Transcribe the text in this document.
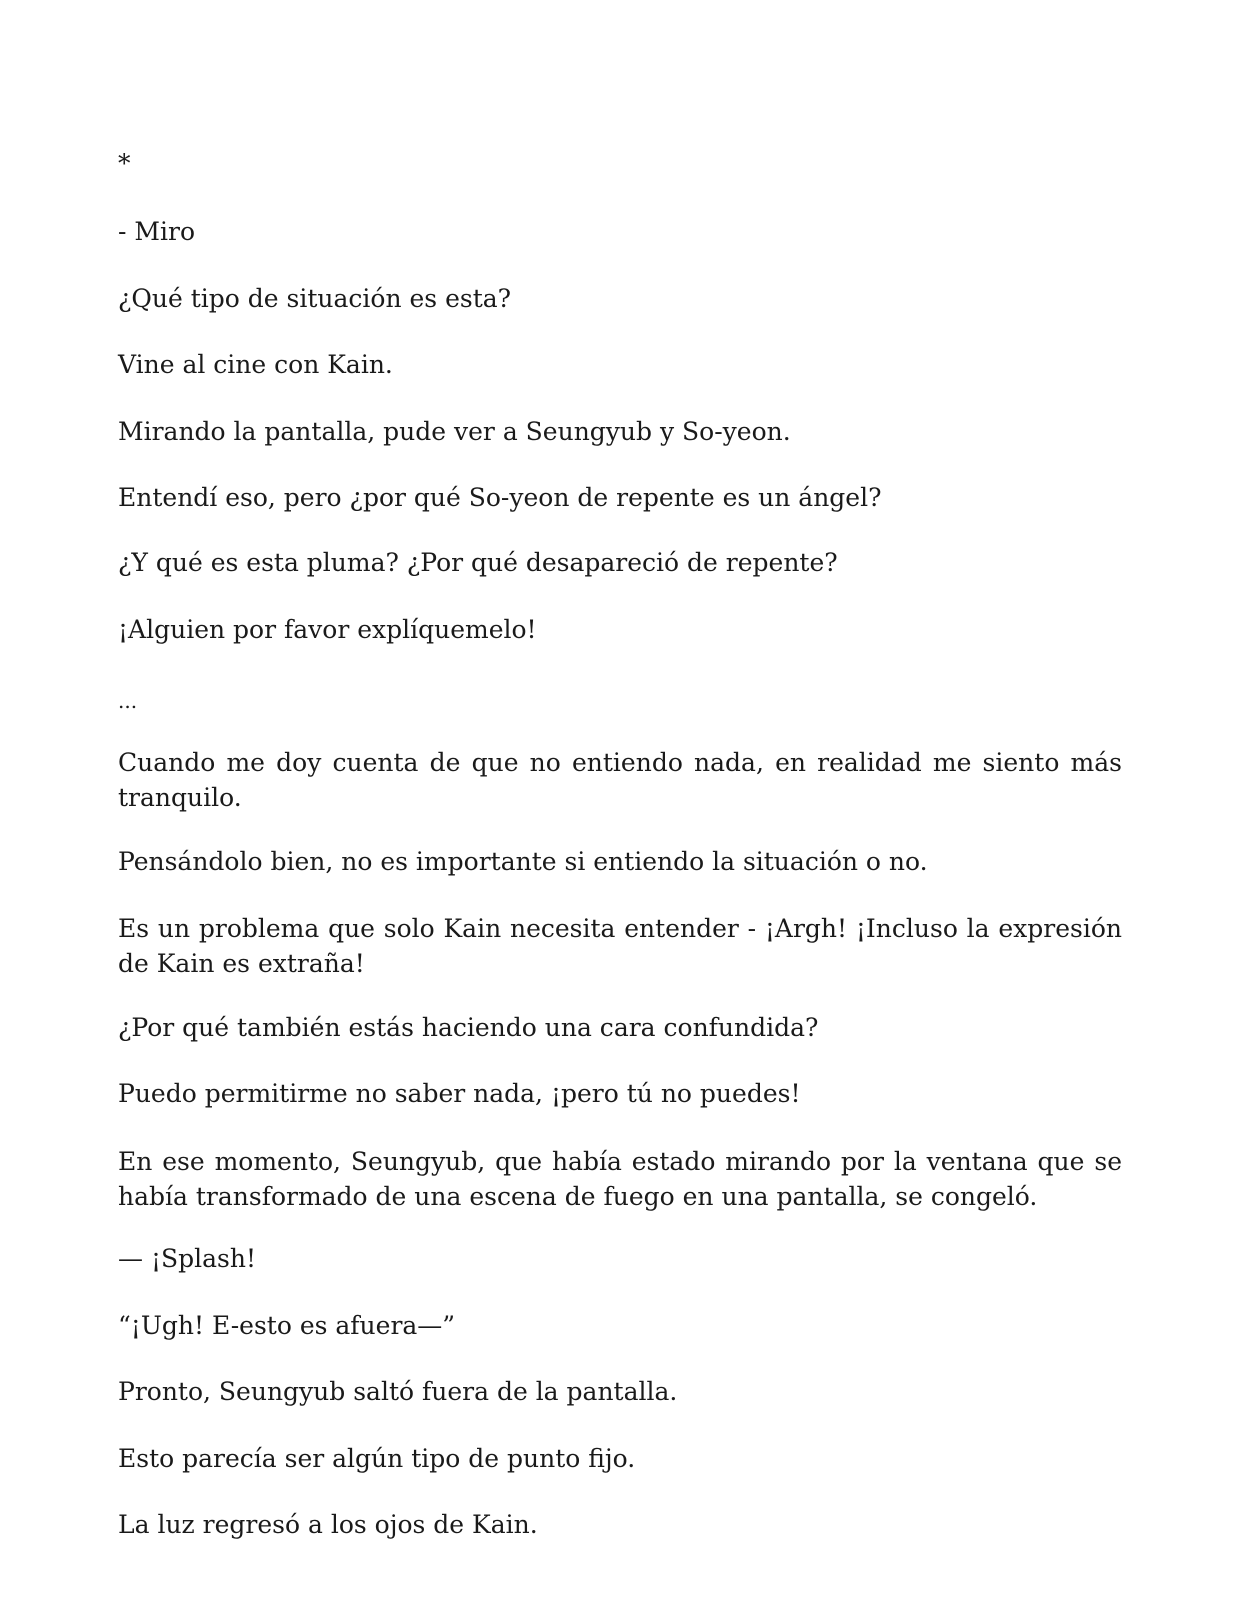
*

- Miro

¿Qué tipo de situación es esta?

Vine al cine con Kain.

Mirando la pantalla, pude ver a Seungyub y So-yeon.

Entendí eso, pero ¿por qué So-yeon de repente es un ángel?

¿Y qué es esta pluma? ¿Por qué desapareció de repente?

¡Alguien por favor explíquemelo!

...

Cuando me doy cuenta de que no entiendo nada, en realidad me siento más tranquilo.

Pensándolo bien, no es importante si entiendo la situación o no.

Es un problema que solo Kain necesita entender - ¡Argh! ¡Incluso la expresión de Kain es extraña!

¿Por qué también estás haciendo una cara confundida?

Puedo permitirme no saber nada, ¡pero tú no puedes!

En ese momento, Seungyub, que había estado mirando por la ventana que se había transformado de una escena de fuego en una pantalla, se congeló.

— ¡Splash!

“¡Ugh! E-esto es afuera—”

Pronto, Seungyub saltó fuera de la pantalla.

Esto parecía ser algún tipo de punto fijo.

La luz regresó a los ojos de Kain.
